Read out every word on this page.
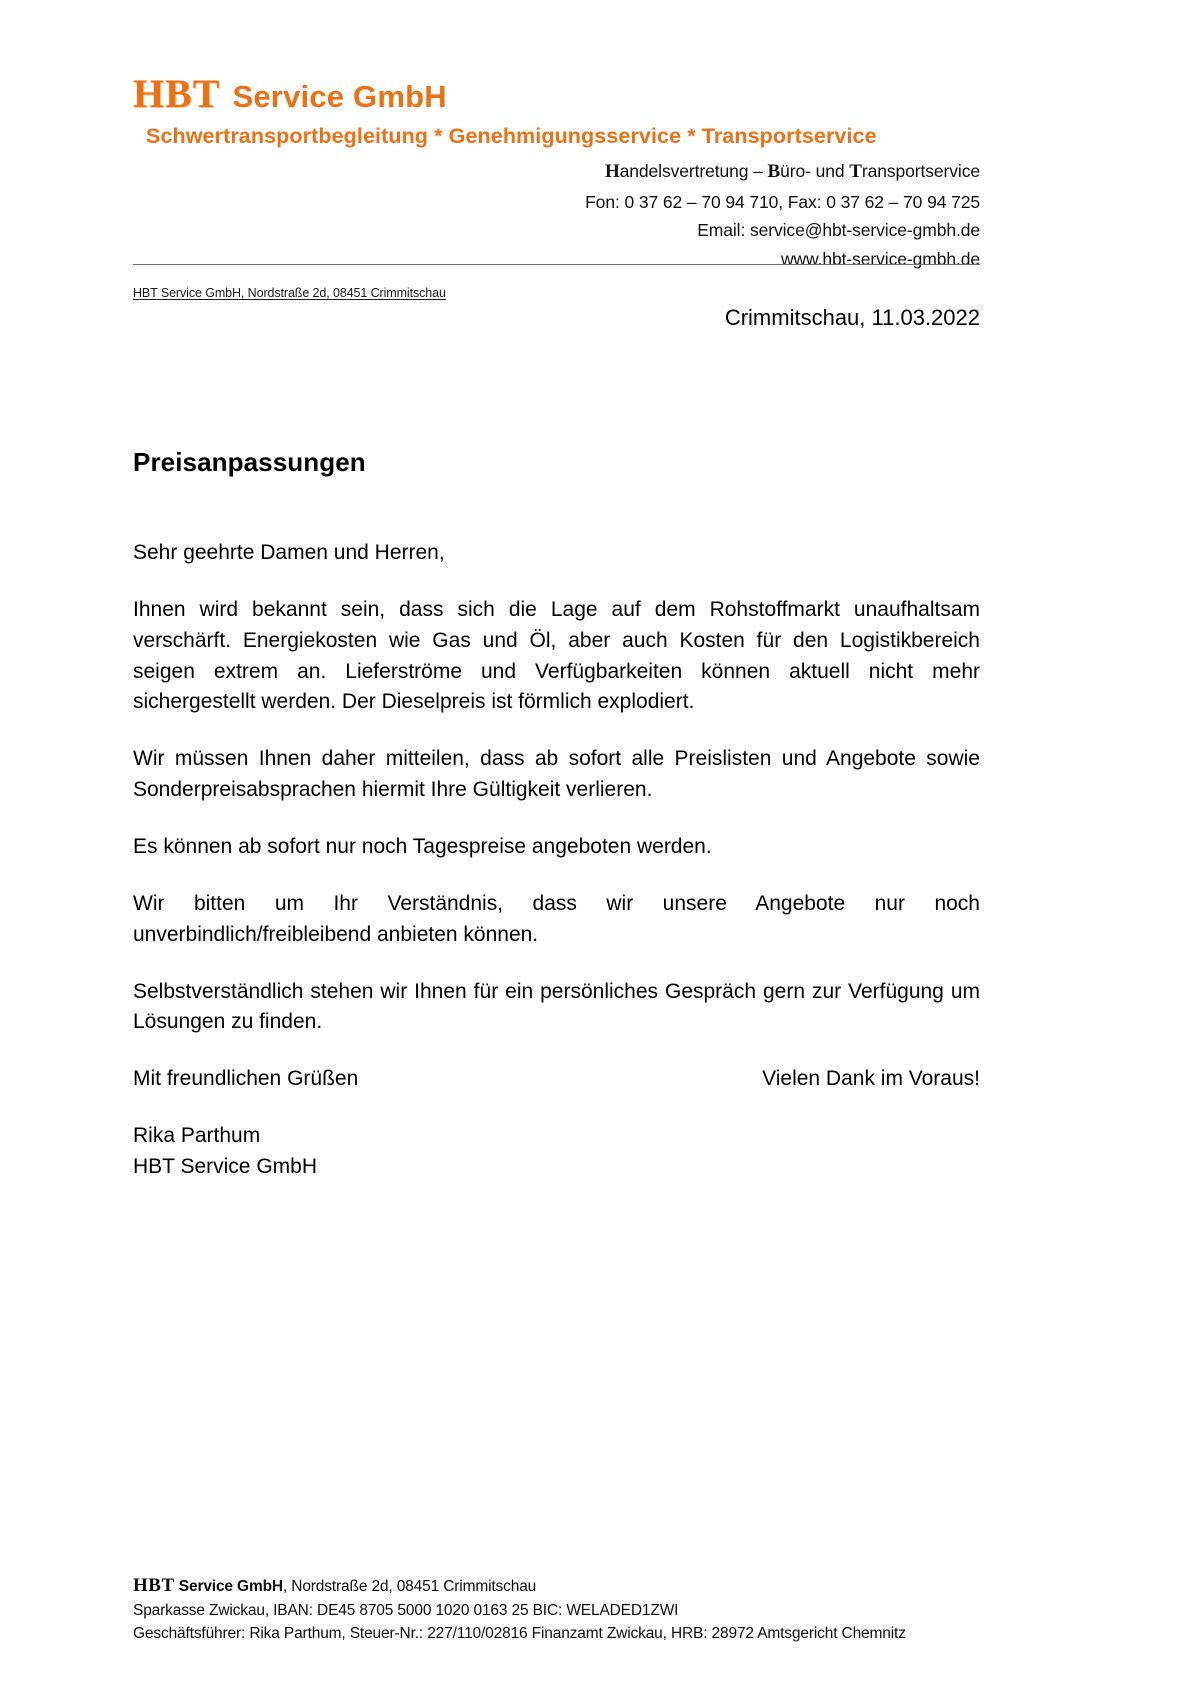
HBT Service GmbH
Schwertransportbegleitung * Genehmigungsservice * Transportservice
Handelsvertretung – Büro- und Transportservice
Fon: 0 37 62 – 70 94 710, Fax: 0 37 62 – 70 94 725
Email: service@hbt-service-gmbh.de
www.hbt-service-gmbh.de
HBT Service GmbH, Nordstraße 2d, 08451 Crimmitschau
Crimmitschau, 11.03.2022
Preisanpassungen

Sehr geehrte Damen und Herren,

Ihnen wird bekannt sein, dass sich die Lage auf dem Rohstoffmarkt unaufhaltsam verschärft. Energiekosten wie Gas und Öl, aber auch Kosten für den Logistikbereich seigen extrem an. Lieferströme und Verfügbarkeiten können aktuell nicht mehr sichergestellt werden. Der Dieselpreis ist förmlich explodiert.

Wir müssen Ihnen daher mitteilen, dass ab sofort alle Preislisten und Angebote sowie Sonderpreisabsprachen hiermit Ihre Gültigkeit verlieren.

Es können ab sofort nur noch Tagespreise angeboten werden.

Wir bitten um Ihr Verständnis, dass wir unsere Angebote nur noch unverbindlich/freibleibend anbieten können.

Selbstverständlich stehen wir Ihnen für ein persönliches Gespräch gern zur Verfügung um Lösungen zu finden.

Mit freundlichen Grüßen	Vielen Dank im Voraus!

Rika Parthum
HBT Service GmbH

HBT Service GmbH, Nordstraße 2d, 08451 Crimmitschau
Sparkasse Zwickau, IBAN: DE45 8705 5000 1020 0163 25 BIC: WELADED1ZWI
Geschäftsführer: Rika Parthum, Steuer-Nr.: 227/110/02816 Finanzamt Zwickau, HRB: 28972 Amtsgericht Chemnitz
